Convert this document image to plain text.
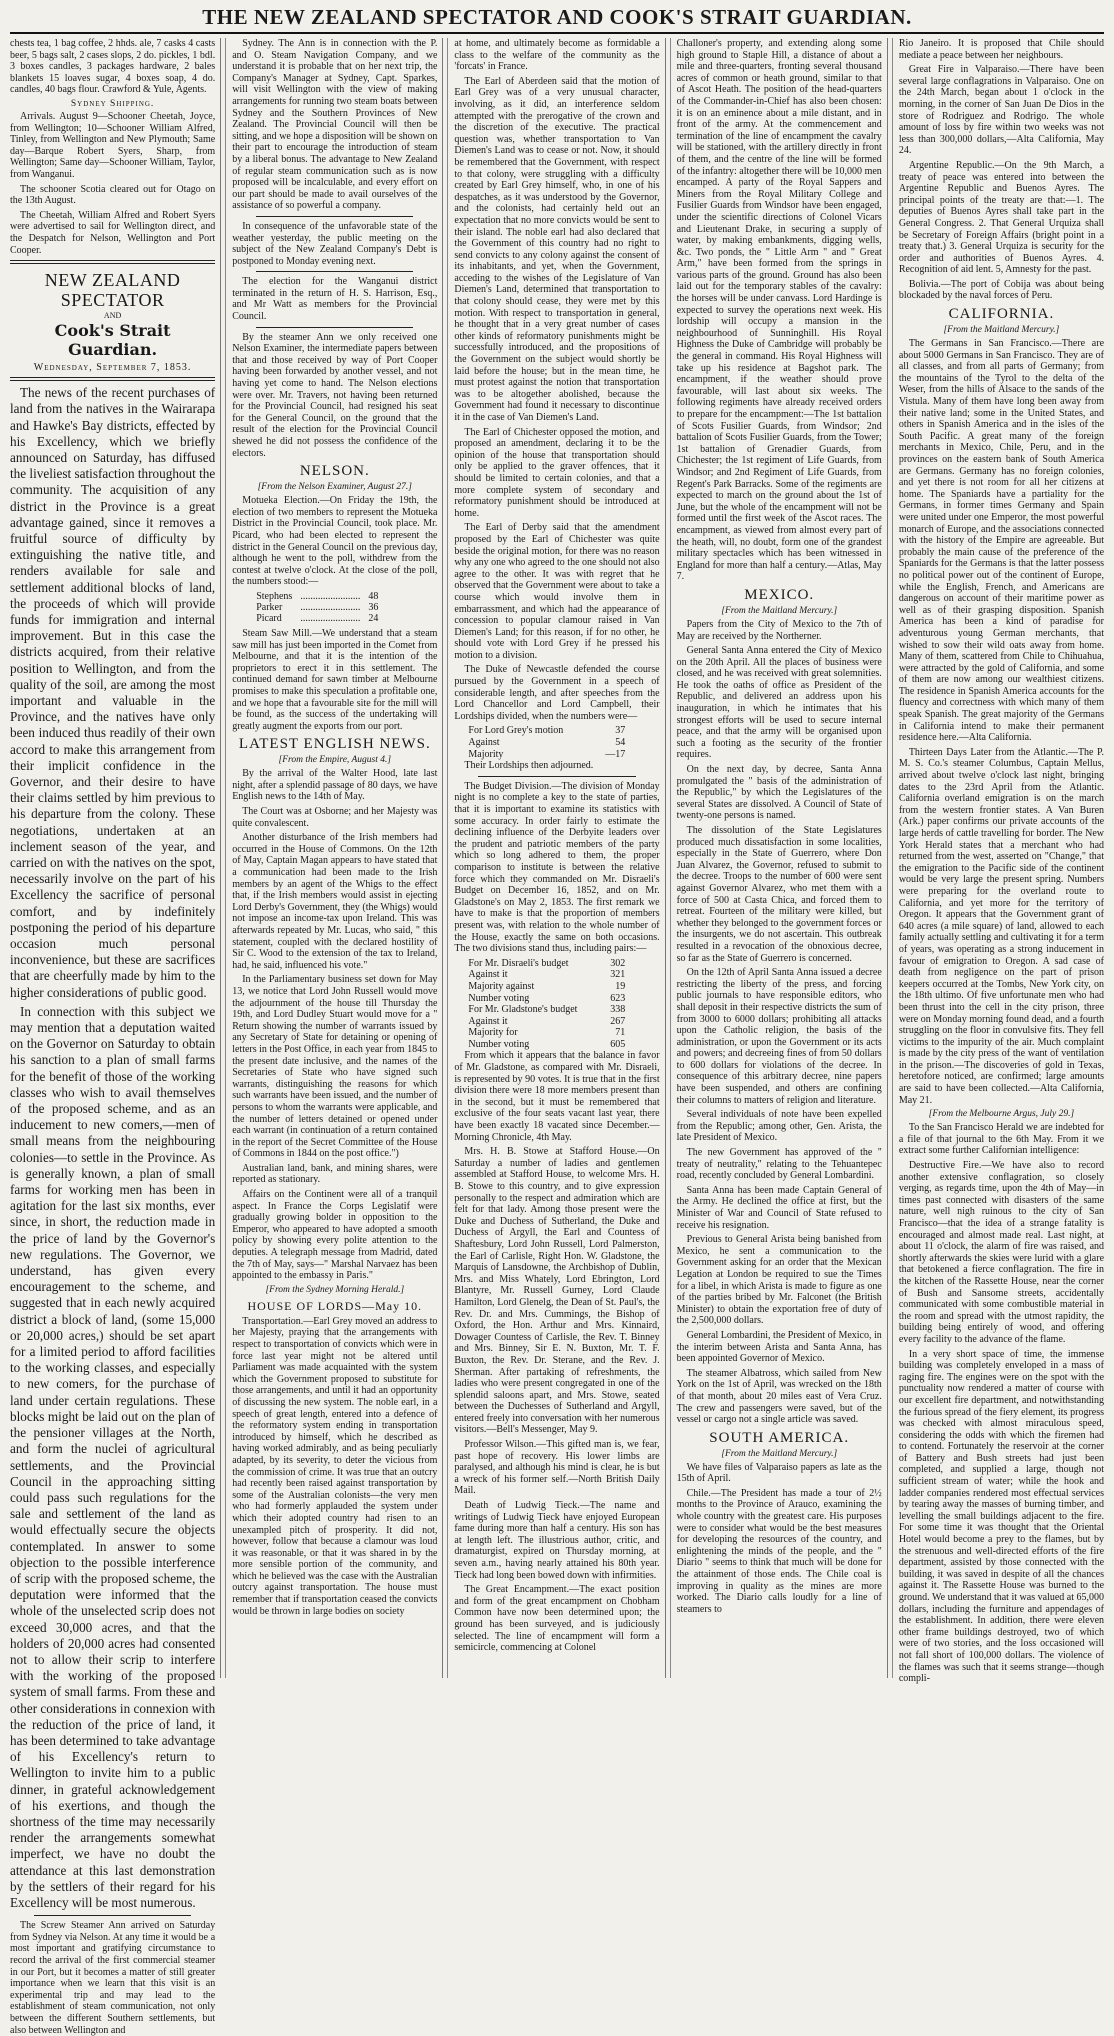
THE NEW ZEALAND SPECTATOR AND COOK'S STRAIT GUARDIAN.

chests tea, 1 bag coffee, 2 hhds. ale, 7 casks 4 casts beer, 5 bags salt, 2 cases slops, 2 do. pickles, 1 bdl. 3 boxes candles, 3 packages hardware, 2 bales blankets 15 loaves sugar, 4 boxes soap, 4 do. candles, 40 bags flour. Crawford & Yule, Agents.

Sydney Shipping.

Arrivals. August 9—Schooner Cheetah, Joyce, from Wellington; 10—Schooner William Alfred, Tinley, from Wellington and New Plymouth; Same day—Barque Robert Syers, Sharp, from Wellington; Same day—Schooner William, Taylor, from Wanganui.

The schooner Scotia cleared out for Otago on the 13th August.

The Cheetah, William Alfred and Robert Syers were advertised to sail for Wellington direct, and the Despatch for Nelson, Wellington and Port Cooper.

NEW ZEALAND SPECTATOR
AND
Cook's Strait Guardian.
Wednesday, September 7, 1853.

The news of the recent purchases of land from the natives in the Wairarapa and Hawke's Bay districts, effected by his Excellency, which we briefly announced on Saturday, has diffused the liveliest satisfaction throughout the community. The acquisition of any district in the Province is a great advantage gained, since it removes a fruitful source of difficulty by extinguishing the native title, and renders available for sale and settlement additional blocks of land, the proceeds of which will provide funds for immigration and internal improvement. But in this case the districts acquired, from their relative position to Wellington, and from the quality of the soil, are among the most important and valuable in the Province, and the natives have only been induced thus readily of their own accord to make this arrangement from their implicit confidence in the Governor, and their desire to have their claims settled by him previous to his departure from the colony. These negotiations, undertaken at an inclement season of the year, and carried on with the natives on the spot, necessarily involve on the part of his Excellency the sacrifice of personal comfort, and by indefinitely postponing the period of his departure occasion much personal inconvenience, but these are sacrifices that are cheerfully made by him to the higher considerations of public good.

In connection with this subject we may mention that a deputation waited on the Governor on Saturday to obtain his sanction to a plan of small farms for the benefit of those of the working classes who wish to avail themselves of the proposed scheme, and as an inducement to new comers,—men of small means from the neighbouring colonies—to settle in the Province. As is generally known, a plan of small farms for working men has been in agitation for the last six months, ever since, in short, the reduction made in the price of land by the Governor's new regulations. The Governor, we understand, has given every encouragement to the scheme, and suggested that in each newly acquired district a block of land, (some 15,000 or 20,000 acres,) should be set apart for a limited period to afford facilities to the working classes, and especially to new comers, for the purchase of land under certain regulations. These blocks might be laid out on the plan of the pensioner villages at the North, and form the nuclei of agricultural settlements, and the Provincial Council in the approaching sitting could pass such regulations for the sale and settlement of the land as would effectually secure the objects contemplated. In answer to some objection to the possible interference of scrip with the proposed scheme, the deputation were informed that the whole of the unselected scrip does not exceed 30,000 acres, and that the holders of 20,000 acres had consented not to allow their scrip to interfere with the working of the proposed system of small farms. From these and other considerations in connexion with the reduction of the price of land, it has been determined to take advantage of his Excellency's return to Wellington to invite him to a public dinner, in grateful acknowledgement of his exertions, and though the shortness of the time may necessarily render the arrangements somewhat imperfect, we have no doubt the attendance at this last demonstration by the settlers of their regard for his Excellency will be most numerous.

The Screw Steamer Ann arrived on Saturday from Sydney via Nelson. At any time it would be a most important and gratifying circumstance to record the arrival of the first commercial steamer in our Port, but it becomes a matter of still greater importance when we learn that this visit is an experimental trip and may lead to the establishment of steam communication, not only between the different Southern settlements, but also between Wellington and

Sydney. The Ann is in connection with the P. and O. Steam Navigation Company, and we understand it is probable that on her next trip, the Company's Manager at Sydney, Capt. Sparkes, will visit Wellington with the view of making arrangements for running two steam boats between Sydney and the Southern Provinces of New Zealand. The Provincial Council will then be sitting, and we hope a disposition will be shown on their part to encourage the introduction of steam by a liberal bonus. The advantage to New Zealand of regular steam communication such as is now proposed will be incalculable, and every effort on our part should be made to avail ourselves of the assistance of so powerful a company.

In consequence of the unfavorable state of the weather yesterday, the public meeting on the subject of the New Zealand Company's Debt is postponed to Monday evening next.

The election for the Wanganui district terminated in the return of H. S. Harrison, Esq., and Mr Watt as members for the Provincial Council.

By the steamer Ann we only received one Nelson Examiner, the intermediate papers between that and those received by way of Port Cooper having been forwarded by another vessel, and not having yet come to hand. The Nelson elections were over. Mr. Travers, not having been returned for the Provincial Council, had resigned his seat for the General Council, on the ground that the result of the election for the Provincial Council shewed he did not possess the confidence of the electors.

NELSON.
[From the Nelson Examiner, August 27.]

Motueka Election.—On Friday the 19th, the election of two members to represent the Motueka District in the Provincial Council, took place. Mr. Picard, who had been elected to represent the district in the General Council on the previous day, although he went to the poll, withdrew from the contest at twelve o'clock. At the close of the poll, the numbers stood:—

Stephens	........................	48
Parker	........................	36
Picard	........................	24

Steam Saw Mill.—We understand that a steam saw mill has just been imported in the Comet from Melbourne, and that it is the intention of the proprietors to erect it in this settlement. The continued demand for sawn timber at Melbourne promises to make this speculation a profitable one, and we hope that a favourable site for the mill will be found, as the success of the undertaking will greatly augment the exports from our port.

LATEST ENGLISH NEWS.
[From the Empire, August 4.]

By the arrival of the Walter Hood, late last night, after a splendid passage of 80 days, we have English news to the 14th of May.

The Court was at Osborne; and her Majesty was quite convalescent.

Another disturbance of the Irish members had occurred in the House of Commons. On the 12th of May, Captain Magan appears to have stated that a communication had been made to the Irish members by an agent of the Whigs to the effect that, if the Irish members would assist in ejecting Lord Derby's Government, they (the Whigs) would not impose an income-tax upon Ireland. This was afterwards repeated by Mr. Lucas, who said, " this statement, coupled with the declared hostility of Sir C. Wood to the extension of the tax to Ireland, had, he said, influenced his vote."

In the Parliamentary business set down for May 13, we notice that Lord John Russell would move the adjournment of the house till Thursday the 19th, and Lord Dudley Stuart would move for a " Return showing the number of warrants issued by any Secretary of State for detaining or opening of letters in the Post Office, in each year from 1845 to the present date inclusive, and the names of the Secretaries of State who have signed such warrants, distinguishing the reasons for which such warrants have been issued, and the number of persons to whom the warrants were applicable, and the number of letters detained or opened under each warrant (in continuation of a return contained in the report of the Secret Committee of the House of Commons in 1844 on the post office.")

Australian land, bank, and mining shares, were reported as stationary.

Affairs on the Continent were all of a tranquil aspect. In France the Corps Legislatif were gradually growing bolder in opposition to the Emperor, who appeared to have adopted a smooth policy by showing every polite attention to the deputies. A telegraph message from Madrid, dated the 7th of May, says—" Marshal Narvaez has been appointed to the embassy in Paris."

[From the Sydney Morning Herald.]
HOUSE OF LORDS—May 10.

Transportation.—Earl Grey moved an address to her Majesty, praying that the arrangements with respect to transportation of convicts which were in force last year might not be altered until Parliament was made acquainted with the system which the Government proposed to substitute for those arrangements, and until it had an opportunity of discussing the new system. The noble earl, in a speech of great length, entered into a defence of the reformatory system ending in transportation introduced by himself, which he described as having worked admirably, and as being peculiarly adapted, by its severity, to deter the vicious from the commission of crime. It was true that an outcry had recently been raised against transportation by some of the Australian colonists—the very men who had formerly applauded the system under which their adopted country had risen to an unexampled pitch of prosperity. It did not, however, follow that because a clamour was loud it was reasonable, or that it was shared in by the more sensible portion of the community, and which he believed was the case with the Australian outcry against transportation. The house must remember that if transportation ceased the convicts would be thrown in large bodies on society

at home, and ultimately become as formidable a class to the welfare of the community as the 'forcats' in France.

The Earl of Aberdeen said that the motion of Earl Grey was of a very unusual character, involving, as it did, an interference seldom attempted with the prerogative of the crown and the discretion of the executive. The practical question was, whether transportation to Van Diemen's Land was to cease or not. Now, it should be remembered that the Government, with respect to that colony, were struggling with a difficulty created by Earl Grey himself, who, in one of his despatches, as it was understood by the Governor, and the colonists, had certainly held out an expectation that no more convicts would be sent to their island. The noble earl had also declared that the Government of this country had no right to send convicts to any colony against the consent of its inhabitants, and yet, when the Government, acceding to the wishes of the Legislature of Van Diemen's Land, determined that transportation to that colony should cease, they were met by this motion. With respect to transportation in general, he thought that in a very great number of cases other kinds of reformatory punishments might be successfully introduced, and the propositions of the Government on the subject would shortly be laid before the house; but in the mean time, he must protest against the notion that transportation was to be altogether abolished, because the Government had found it necessary to discontinue it in the case of Van Diemen's Land.

The Earl of Chichester opposed the motion, and proposed an amendment, declaring it to be the opinion of the house that transportation should only be applied to the graver offences, that it should be limited to certain colonies, and that a more complete system of secondary and reformatory punishment should be introduced at home.

The Earl of Derby said that the amendment proposed by the Earl of Chichester was quite beside the original motion, for there was no reason why any one who agreed to the one should not also agree to the other. It was with regret that he observed that the Government were about to take a course which would involve them in embarrassment, and which had the appearance of concession to popular clamour raised in Van Diemen's Land; for this reason, if for no other, he should vote with Lord Grey if he pressed his motion to a division.

The Duke of Newcastle defended the course pursued by the Government in a speech of considerable length, and after speeches from the Lord Chancellor and Lord Campbell, their Lordships divided, when the numbers were—

For Lord Grey's motion	37
Against	54
Majority	—17

Their Lordships then adjourned.

The Budget Division.—The division of Monday night is no complete a key to the state of parties, that it is important to examine its statistics with some accuracy. In order fairly to estimate the declining influence of the Derbyite leaders over the prudent and patriotic members of the party which so long adhered to them, the proper comparison to institute is between the relative force which they commanded on Mr. Disraeli's Budget on December 16, 1852, and on Mr. Gladstone's on May 2, 1853. The first remark we have to make is that the proportion of members present was, with relation to the whole number of the House, exactly the same on both occasions. The two divisions stand thus, including pairs:—

For Mr. Disraeli's budget	302
Against it	321
Majority against	19
Number voting	623
For Mr. Gladstone's budget	338
Against it	267
Majority for	71
Number voting	605

From which it appears that the balance in favor of Mr. Gladstone, as compared with Mr. Disraeli, is represented by 90 votes. It is true that in the first division there were 18 more members present than in the second, but it must be remembered that exclusive of the four seats vacant last year, there have been exactly 18 vacated since December.—Morning Chronicle, 4th May.

Mrs. H. B. Stowe at Stafford House.—On Saturday a number of ladies and gentlemen assembled at Stafford House, to welcome Mrs. H. B. Stowe to this country, and to give expression personally to the respect and admiration which are felt for that lady. Among those present were the Duke and Duchess of Sutherland, the Duke and Duchess of Argyll, the Earl and Countess of Shaftesbury, Lord John Russell, Lord Palmerston, the Earl of Carlisle, Right Hon. W. Gladstone, the Marquis of Lansdowne, the Archbishop of Dublin, Mrs. and Miss Whately, Lord Ebrington, Lord Blantyre, Mr. Russell Gurney, Lord Claude Hamilton, Lord Glenelg, the Dean of St. Paul's, the Rev. Dr. and Mrs. Cummings, the Bishop of Oxford, the Hon. Arthur and Mrs. Kinnaird, Dowager Countess of Carlisle, the Rev. T. Binney and Mrs. Binney, Sir E. N. Buxton, Mr. T. F. Buxton, the Rev. Dr. Sterane, and the Rev. J. Sherman. After partaking of refreshments, the ladies who were present congregated in one of the splendid saloons apart, and Mrs. Stowe, seated between the Duchesses of Sutherland and Argyll, entered freely into conversation with her numerous visitors.—Bell's Messenger, May 9.

Professor Wilson.—This gifted man is, we fear, past hope of recovery. His lower limbs are paralysed, and although his mind is clear, he is but a wreck of his former self.—North British Daily Mail.

Death of Ludwig Tieck.—The name and writings of Ludwig Tieck have enjoyed European fame during more than half a century. His son has at length left. The illustrious author, critic, and dramaturgist, expired on Thursday morning, at seven a.m., having nearly attained his 80th year. Tieck had long been bowed down with infirmities.

The Great Encampment.—The exact position and form of the great encampment on Chobham Common have now been determined upon; the ground has been surveyed, and is judiciously selected. The line of encampment will form a semicircle, commencing at Colonel

Challoner's property, and extending along some high ground to Staple Hill, a distance of about a mile and three-quarters, fronting several thousand acres of common or heath ground, similar to that of Ascot Heath. The position of the head-quarters of the Commander-in-Chief has also been chosen: it is on an eminence about a mile distant, and in front of the army. At the commencement and termination of the line of encampment the cavalry will be stationed, with the artillery directly in front of them, and the centre of the line will be formed of the infantry: altogether there will be 10,000 men encamped. A party of the Royal Sappers and Miners from the Royal Military College and Fusilier Guards from Windsor have been engaged, under the scientific directions of Colonel Vicars and Lieutenant Drake, in securing a supply of water, by making embankments, digging wells, &c. Two ponds, the " Little Arm " and " Great Arm," have been formed from the springs in various parts of the ground. Ground has also been laid out for the temporary stables of the cavalry: the horses will be under canvass. Lord Hardinge is expected to survey the operations next week. His lordship will occupy a mansion in the neighbourhood of Sunninghill. His Royal Highness the Duke of Cambridge will probably be the general in command. His Royal Highness will take up his residence at Bagshot park. The encampment, if the weather should prove favourable, will last about six weeks. The following regiments have already received orders to prepare for the encampment:—The 1st battalion of Scots Fusilier Guards, from Windsor; 2nd battalion of Scots Fusilier Guards, from the Tower; 1st battalion of Grenadier Guards, from Chichester; the 1st regiment of Life Guards, from Windsor; and 2nd Regiment of Life Guards, from Regent's Park Barracks. Some of the regiments are expected to march on the ground about the 1st of June, but the whole of the encampment will not be formed until the first week of the Ascot races. The encampment, as viewed from almost every part of the heath, will, no doubt, form one of the grandest military spectacles which has been witnessed in England for more than half a century.—Atlas, May 7.

MEXICO.
[From the Maitland Mercury.]

Papers from the City of Mexico to the 7th of May are received by the Northerner.

General Santa Anna entered the City of Mexico on the 20th April. All the places of business were closed, and he was received with great solemnities. He took the oaths of office as President of the Republic, and delivered an address upon his inauguration, in which he intimates that his strongest efforts will be used to secure internal peace, and that the army will be organised upon such a footing as the security of the frontier requires.

On the next day, by decree, Santa Anna promulgated the " basis of the administration of the Republic," by which the Legislatures of the several States are dissolved. A Council of State of twenty-one persons is named.

The dissolution of the State Legislatures produced much dissatisfaction in some localities, especially in the State of Guerrero, where Don Juan Alvarez, the Governor, refused to submit to the decree. Troops to the number of 600 were sent against Governor Alvarez, who met them with a force of 500 at Casta Chica, and forced them to retreat. Fourteen of the military were killed, but whether they belonged to the government forces or the insurgents, we do not ascertain. This outbreak resulted in a revocation of the obnoxious decree, so far as the State of Guerrero is concerned.

On the 12th of April Santa Anna issued a decree restricting the liberty of the press, and forcing public journals to have responsible editors, who shall deposit in their respective districts the sum of from 3000 to 6000 dollars; prohibiting all attacks upon the Catholic religion, the basis of the administration, or upon the Government or its acts and powers; and decreeing fines of from 50 dollars to 600 dollars for violations of the decree. In consequence of this arbitrary decree, nine papers have been suspended, and others are confining their columns to matters of religion and literature.

Several individuals of note have been expelled from the Republic; among other, Gen. Arista, the late President of Mexico.

The new Government has approved of the " treaty of neutrality," relating to the Tehuantepec road, recently concluded by General Lombardini.

Santa Anna has been made Captain General of the Army. He declined the office at first, but the Minister of War and Council of State refused to receive his resignation.

Previous to General Arista being banished from Mexico, he sent a communication to the Government asking for an order that the Mexican Legation at London be required to sue the Times for a libel, in which Arista is made to figure as one of the parties bribed by Mr. Falconet (the British Minister) to obtain the exportation free of duty of the 2,500,000 dollars.

General Lombardini, the President of Mexico, in the interim between Arista and Santa Anna, has been appointed Governor of Mexico.

The steamer Albatross, which sailed from New York on the 1st of April, was wrecked on the 18th of that month, about 20 miles east of Vera Cruz. The crew and passengers were saved, but of the vessel or cargo not a single article was saved.

SOUTH AMERICA.
[From the Maitland Mercury.]

We have files of Valparaiso papers as late as the 15th of April.

Chile.—The President has made a tour of 2½ months to the Province of Arauco, examining the whole country with the greatest care. His purposes were to consider what would be the best measures for developing the resources of the country, and enlightening the minds of the people, and the " Diario " seems to think that much will be done for the attainment of those ends. The Chile coal is improving in quality as the mines are more worked. The Diario calls loudly for a line of steamers to

Rio Janeiro. It is proposed that Chile should mediate a peace between her neighbours.

Great Fire in Valparaiso.—There have been several large conflagrations in Valparaiso. One on the 24th March, began about 1 o'clock in the morning, in the corner of San Juan De Dios in the store of Rodriguez and Rodrigo. The whole amount of loss by fire within two weeks was not less than 300,000 dollars,—Alta California, May 24.

Argentine Republic.—On the 9th March, a treaty of peace was entered into between the Argentine Republic and Buenos Ayres. The principal points of the treaty are that:—1. The deputies of Buenos Ayres shall take part in the General Congress. 2. That General Urquiza shall be Secretary of Foreign Affairs (bright point in a treaty that.) 3. General Urquiza is security for the order and authorities of Buenos Ayres. 4. Recognition of aid lent. 5, Amnesty for the past.

Bolivia.—The port of Cobija was about being blockaded by the naval forces of Peru.

CALIFORNIA.
[From the Maitland Mercury.]

The Germans in San Francisco.—There are about 5000 Germans in San Francisco. They are of all classes, and from all parts of Germany; from the mountains of the Tyrol to the delta of the Weser, from the hills of Alsace to the sands of the Vistula. Many of them have long been away from their native land; some in the United States, and others in Spanish America and in the isles of the South Pacific. A great many of the foreign merchants in Mexico, Chile, Peru, and in the provinces on the eastern bank of South America are Germans. Germany has no foreign colonies, and yet there is not room for all her citizens at home. The Spaniards have a partiality for the Germans, in former times Germany and Spain were united under one Emperor, the most powerful monarch of Europe, and the associations connected with the history of the Empire are agreeable. But probably the main cause of the preference of the Spaniards for the Germans is that the latter possess no political power out of the continent of Europe, while the English, French, and Americans are dangerous on account of their maritime power as well as of their grasping disposition. Spanish America has been a kind of paradise for adventurous young German merchants, that wished to sow their wild oats away from home. Many of them, scattered from Chile to Chihuahua, were attracted by the gold of California, and some of them are now among our wealthiest citizens. The residence in Spanish America accounts for the fluency and correctness with which many of them speak Spanish. The great majority of the Germans in California intend to make their permanent residence here.—Alta California.

Thirteen Days Later from the Atlantic.—The P. M. S. Co.'s steamer Columbus, Captain Mellus, arrived about twelve o'clock last night, bringing dates to the 23rd April from the Atlantic. California overland emigration is on the march from the western frontier states. A Van Buren (Ark.) paper confirms our private accounts of the large herds of cattle travelling for border. The New York Herald states that a merchant who had returned from the west, asserted on "Change," that the emigration to the Pacific side of the continent would be very large the present spring. Numbers were preparing for the overland route to California, and yet more for the territory of Oregon. It appears that the Government grant of 640 acres (a mile square) of land, allowed to each family actually settling and cultivating it for a term of years, was operating as a strong inducement in favour of emigration to Oregon. A sad case of death from negligence on the part of prison keepers occurred at the Tombs, New York city, on the 18th ultimo. Of five unfortunate men who had been thrust into the cell in the city prison, three were on Monday morning found dead, and a fourth struggling on the floor in convulsive fits. They fell victims to the impurity of the air. Much complaint is made by the city press of the want of ventilation in the prison.—The discoveries of gold in Texas, heretofore noticed, are confirmed; large amounts are said to have been collected.—Alta California, May 21.

[From the Melbourne Argus, July 29.]

To the San Francisco Herald we are indebted for a file of that journal to the 6th May. From it we extract some further Californian intelligence:

Destructive Fire.—We have also to record another extensive conflagration, so closely verging, as regards time, upon the 4th of May—in times past connected with disasters of the same nature, well nigh ruinous to the city of San Francisco—that the idea of a strange fatality is encouraged and almost made real. Last night, at about 11 o'clock, the alarm of fire was raised, and shortly afterwards the skies were lurid with a glare that betokened a fierce conflagration. The fire in the kitchen of the Rassette House, near the corner of Bush and Sansome streets, accidentally communicated with some combustible material in the room and spread with the utmost rapidity, the building being entirely of wood, and offering every facility to the advance of the flame.

In a very short space of time, the immense building was completely enveloped in a mass of raging fire. The engines were on the spot with the punctuality now rendered a matter of course with our excellent fire department, and notwithstanding the furious spread of the fiery element, its progress was checked with almost miraculous speed, considering the odds with which the firemen had to contend. Fortunately the reservoir at the corner of Battery and Bush streets had just been completed, and supplied a large, though not sufficient stream of water; while the hook and ladder companies rendered most effectual services by tearing away the masses of burning timber, and levelling the small buildings adjacent to the fire. For some time it was thought that the Oriental Hotel would become a prey to the flames, but by the strenuous and well-directed efforts of the fire department, assisted by those connected with the building, it was saved in despite of all the chances against it. The Rassette House was burned to the ground. We understand that it was valued at 65,000 dollars, including the furniture and appendages of the establishment. In addition, there were eleven other frame buildings destroyed, two of which were of two stories, and the loss occasioned will not fall short of 100,000 dollars. The violence of the flames was such that it seems strange—though compli-
